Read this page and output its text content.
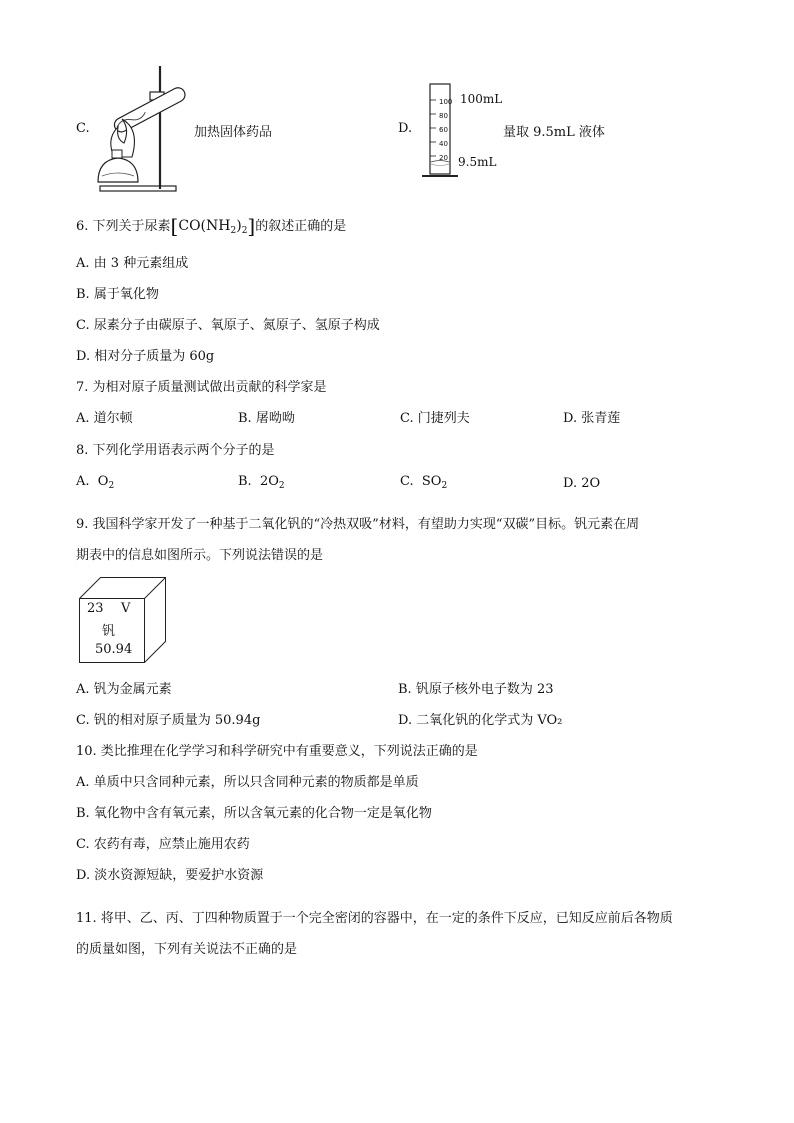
C.	加热固体药品	D.
100
80
60
40
20
100mL
9.5mL
量取 9.5mL 液体
6. 下列关于尿素$[CO(NH_2)_2]$的叙述正确的是
A. 由 3 种元素组成
B. 属于氧化物
C. 尿素分子由碳原子、氧原子、氮原子、氢原子构成
D. 相对分子质量为 60g
7. 为相对原子质量测试做出贡献的科学家是
A. 道尔顿	B. 屠呦呦	C. 门捷列夫	D. 张青莲
8. 下列化学用语表示两个分子的是
A. $O_2$	B. $2O_2$	C. $SO_2$	D. 2O
9. 我国科学家开发了一种基于二氧化钒的“冷热双吸”材料，有望助力实现“双碳”目标。钒元素在周
期表中的信息如图所示。下列说法错误的是
23 V
钒
50.94
A. 钒为金属元素	B. 钒原子核外电子数为 23
C. 钒的相对原子质量为 50.94g	D. 二氧化钒的化学式为 VO₂
10. 类比推理在化学学习和科学研究中有重要意义，下列说法正确的是
A. 单质中只含同种元素，所以只含同种元素的物质都是单质
B. 氧化物中含有氧元素，所以含氧元素的化合物一定是氧化物
C. 农药有毒，应禁止施用农药
D. 淡水资源短缺，要爱护水资源
11. 将甲、乙、丙、丁四种物质置于一个完全密闭的容器中，在一定的条件下反应，已知反应前后各物质
的质量如图，下列有关说法不正确的是
